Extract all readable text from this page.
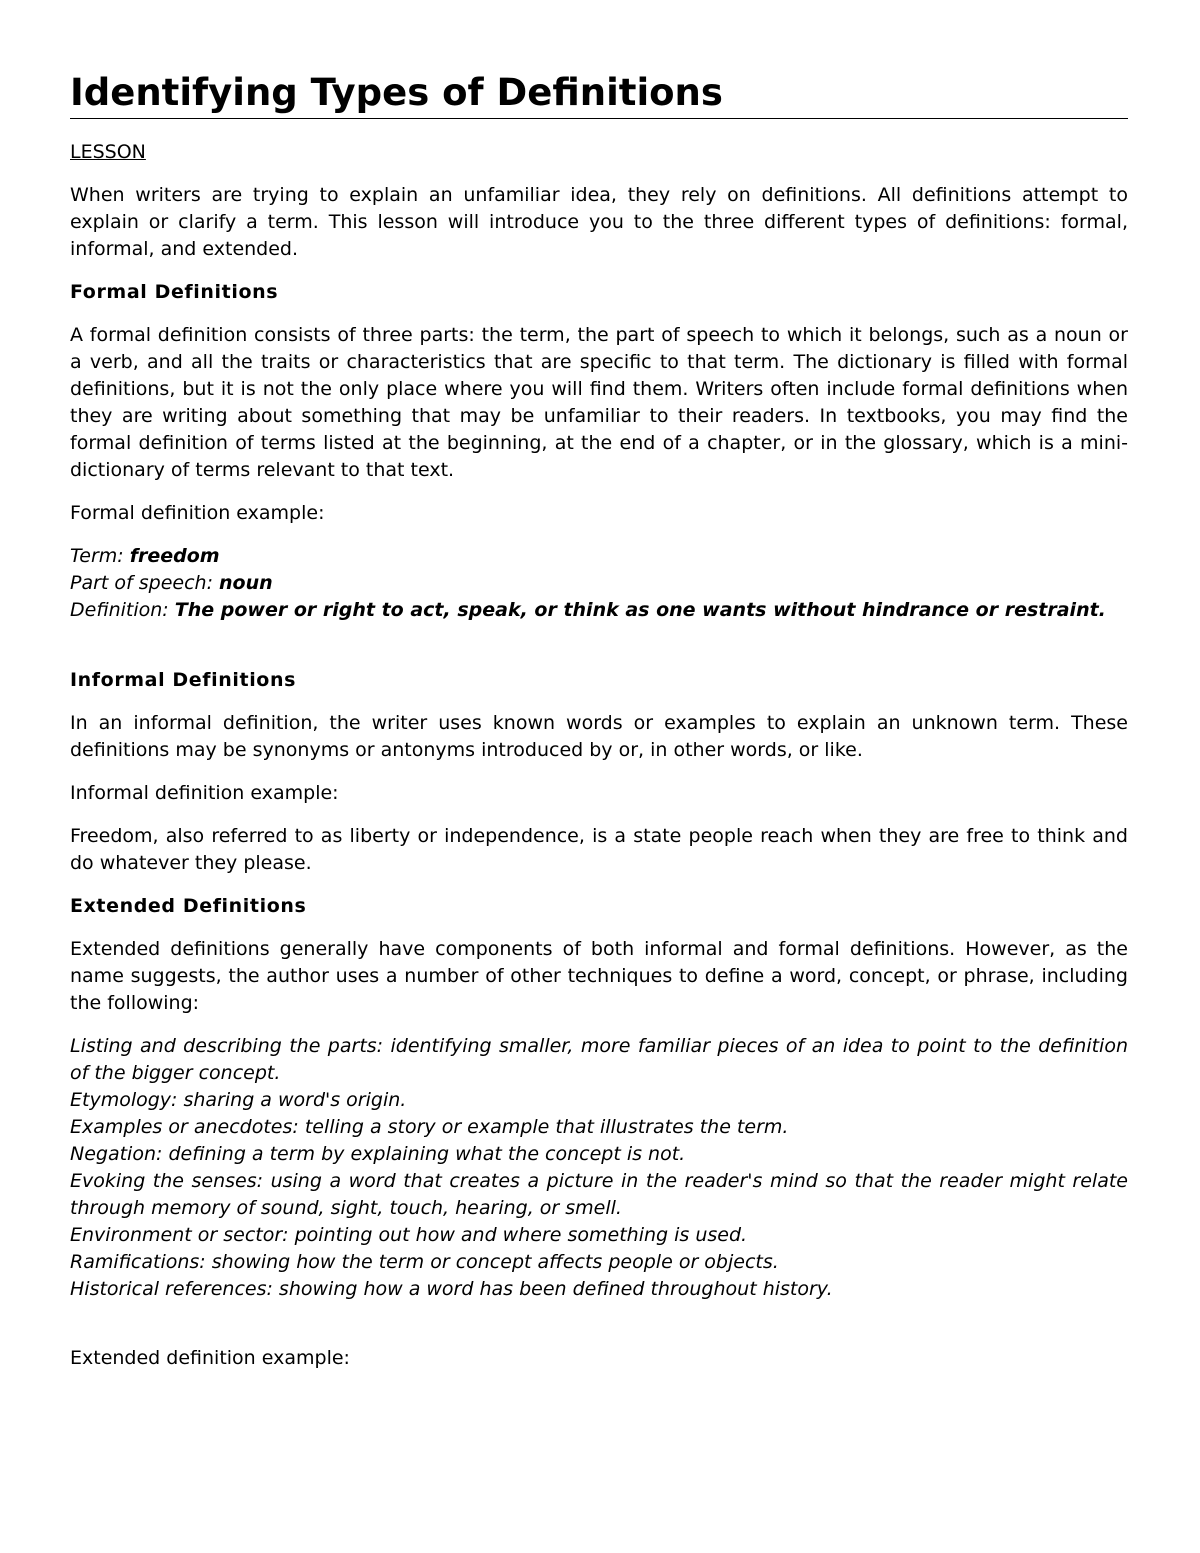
Identifying Types of Definitions
LESSON

When writers are trying to explain an unfamiliar idea, they rely on definitions. All definitions attempt to explain or clarify a term. This lesson will introduce you to the three different types of definitions: formal, informal, and extended.

Formal Definitions

A formal definition consists of three parts: the term, the part of speech to which it belongs, such as a noun or a verb, and all the traits or characteristics that are specific to that term. The dictionary is filled with formal definitions, but it is not the only place where you will find them. Writers often include formal definitions when they are writing about something that may be unfamiliar to their readers. In textbooks, you may find the formal definition of terms listed at the beginning, at the end of a chapter, or in the glossary, which is a mini-dictionary of terms relevant to that text.

Formal definition example:

Term: freedom
Part of speech: noun
Definition: The power or right to act, speak, or think as one wants without hindrance or restraint.
Informal Definitions

In an informal definition, the writer uses known words or examples to explain an unknown term. These definitions may be synonyms or antonyms introduced by or, in other words, or like.

Informal definition example:

Freedom, also referred to as liberty or independence, is a state people reach when they are free to think and do whatever they please.

Extended Definitions

Extended definitions generally have components of both informal and formal definitions. However, as the name suggests, the author uses a number of other techniques to define a word, concept, or phrase, including the following:

Listing and describing the parts: identifying smaller, more familiar pieces of an idea to point to the definition of the bigger concept.
Etymology: sharing a word's origin.
Examples or anecdotes: telling a story or example that illustrates the term.
Negation: defining a term by explaining what the concept is not.
Evoking the senses: using a word that creates a picture in the reader's mind so that the reader might relate through memory of sound, sight, touch, hearing, or smell.
Environment or sector: pointing out how and where something is used.
Ramifications: showing how the term or concept affects people or objects.
Historical references: showing how a word has been defined throughout history.

Extended definition example:
